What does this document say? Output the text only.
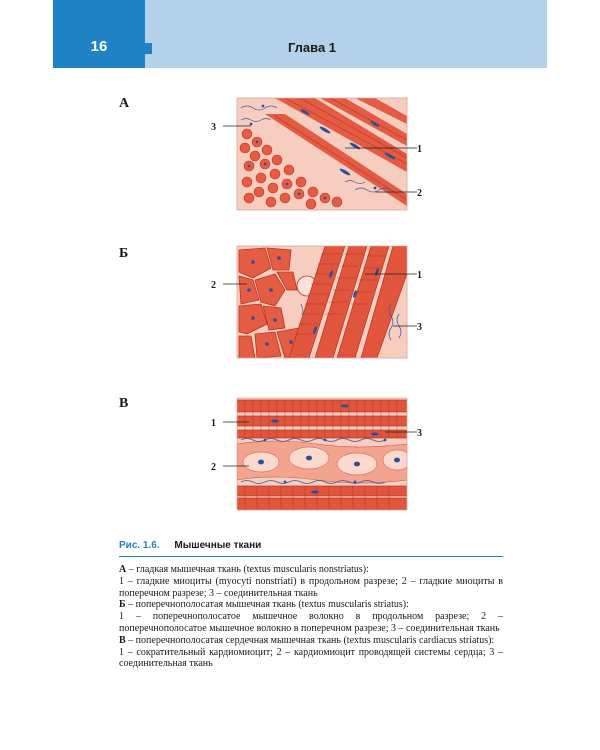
16	Глава 1
А
1
2
3
Б
1
2
3
В
1
2
3
Рис. 1.6. Мышечные ткани

А – гладкая мышечная ткань (textus muscularis nonstriatus):

1 – гладкие миоциты (myocyti nonstriati) в продольном разрезе; 2 – гладкие миоциты в поперечном разрезе; 3 – соединительная ткань

Б – поперечнополосатая мышечная ткань (textus muscularis striatus):

1 – поперечнополосатое мышечное волокно в продольном разрезе; 2 – поперечнополосатое мышечное волокно в поперечном разрезе; 3 – соединительная ткань

В – поперечнополосатая сердечная мышечная ткань (textus muscularis cardiacus striatus):

1 – сократительный кардиомиоцит; 2 – кардиомиоцит проводящей системы сердца; 3 – соединительная ткань
